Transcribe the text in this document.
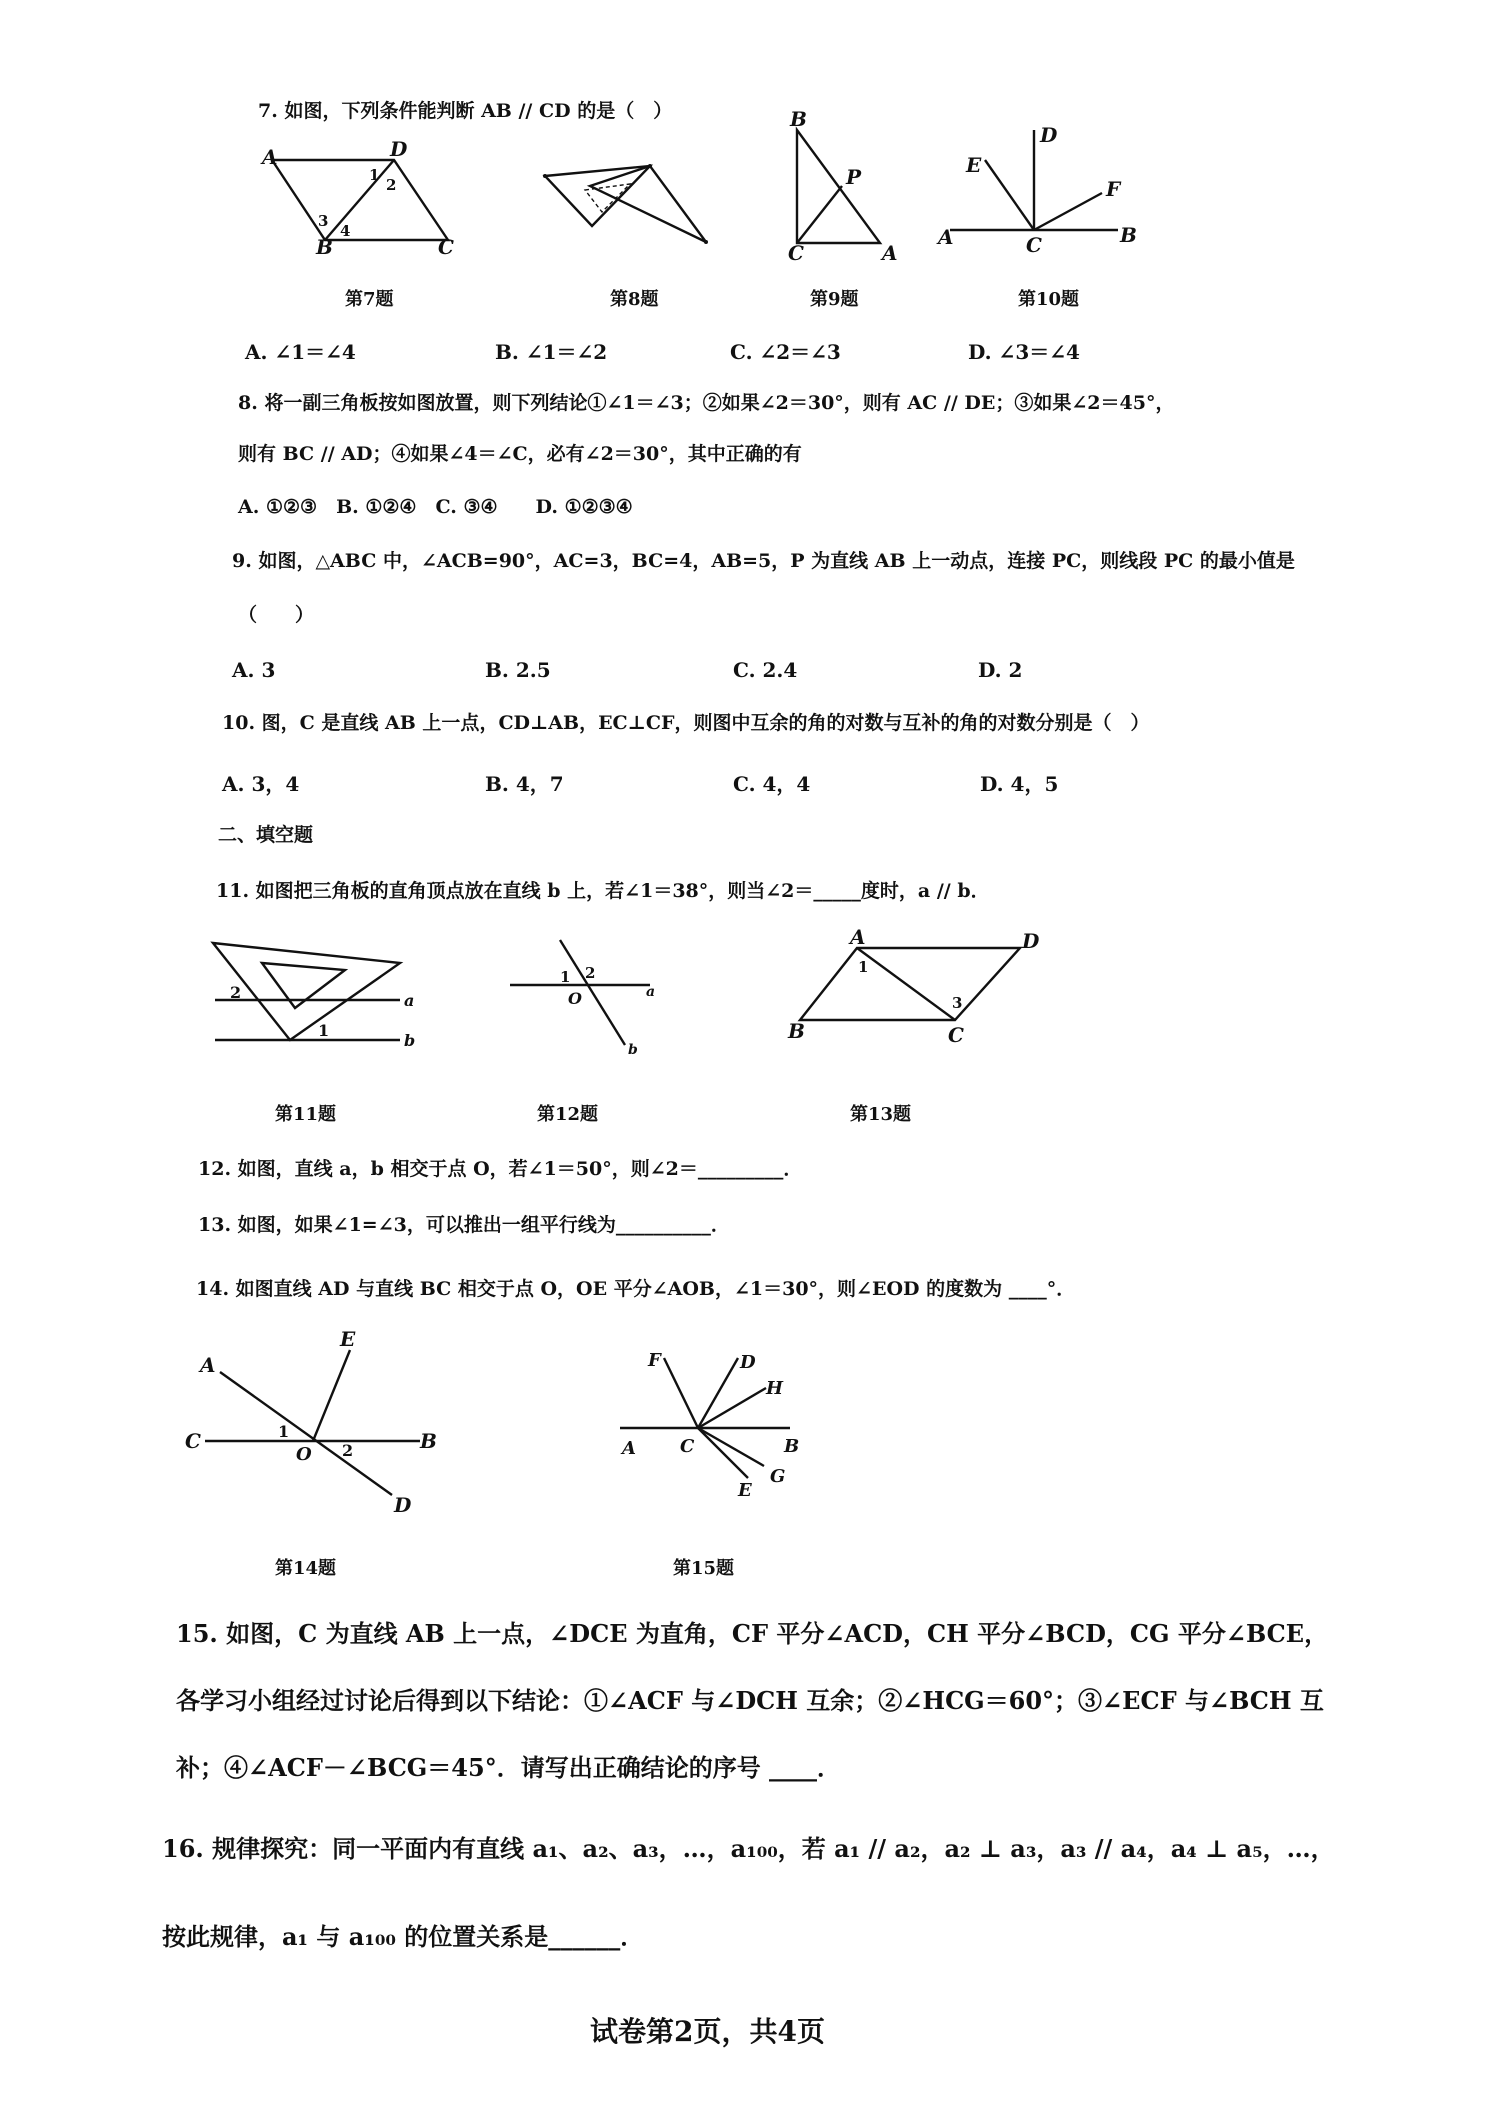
7. 如图，下列条件能判断 AB // CD 的是（　）
A	D
B	C
1
2
3
4
B
C	A
P
A	B
C
D
E
F
第7题	第8题	第9题	第10题
A. ∠1＝∠4	B. ∠1＝∠2	C. ∠2＝∠3	D. ∠3＝∠4
8. 将一副三角板按如图放置，则下列结论①∠1＝∠3；②如果∠2＝30°，则有 AC // DE；③如果∠2＝45°，
则有 BC // AD；④如果∠4＝∠C，必有∠2＝30°，其中正确的有
A. ①②③　B. ①②④　C. ③④　　D. ①②③④
9. 如图，△ABC 中，∠ACB=90°，AC=3，BC=4，AB=5，P 为直线 AB 上一动点，连接 PC，则线段 PC 的最小值是
（　　）
A. 3	B. 2.5	C. 2.4	D. 2
10. 图，C 是直线 AB 上一点，CD⊥AB，EC⊥CF，则图中互余的角的对数与互补的角的对数分别是（　）
A. 3，4	B. 4，7	C. 4，4	D. 4，5
二、填空题
11. 如图把三角板的直角顶点放在直线 b 上，若∠1＝38°，则当∠2＝_____度时，a // b．
2
1
a
b
1 2
O	a
b
A	D
B	C
1
3
第11题	第12题	第13题
12. 如图，直线 a，b 相交于点 O，若∠1＝50°，则∠2＝_________．
13. 如图，如果∠1=∠3，可以推出一组平行线为__________．
14. 如图直线 AD 与直线 BC 相交于点 O，OE 平分∠AOB，∠1＝30°，则∠EOD 的度数为 ____°．
A
C	B
D
E
O
1
2
F	D
H
A C	B
G
E
第14题	第15题
15. 如图，C 为直线 AB 上一点，∠DCE 为直角，CF 平分∠ACD，CH 平分∠BCD，CG 平分∠BCE，
各学习小组经过讨论后得到以下结论：①∠ACF 与∠DCH 互余；②∠HCG＝60°；③∠ECF 与∠BCH 互
补；④∠ACF－∠BCG＝45°．请写出正确结论的序号 ____．
16. 规律探究：同一平面内有直线 a₁、a₂、a₃，…，a₁₀₀，若 a₁ // a₂，a₂ ⊥ a₃，a₃ // a₄，a₄ ⊥ a₅，…，
按此规律，a₁ 与 a₁₀₀ 的位置关系是______．
试卷第2页，共4页
